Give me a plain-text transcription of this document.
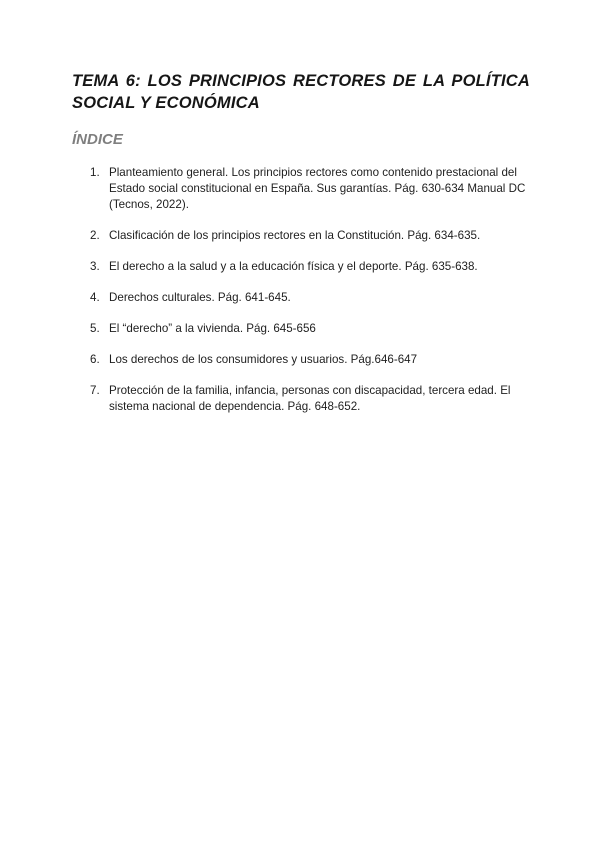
TEMA 6: LOS PRINCIPIOS RECTORES DE LA POLÍTICA SOCIAL Y ECONÓMICA
ÍNDICE
1. Planteamiento general. Los principios rectores como contenido prestacional del Estado social constitucional en España. Sus garantías. Pág. 630-634 Manual DC (Tecnos, 2022).
2. Clasificación de los principios rectores en la Constitución. Pág. 634-635.
3. El derecho a la salud y a la educación física y el deporte. Pág. 635-638.
4. Derechos culturales. Pág. 641-645.
5. El “derecho” a la vivienda. Pág. 645-656
6. Los derechos de los consumidores y usuarios. Pág.646-647
7. Protección de la familia, infancia, personas con discapacidad, tercera edad. El sistema nacional de dependencia. Pág. 648-652.
